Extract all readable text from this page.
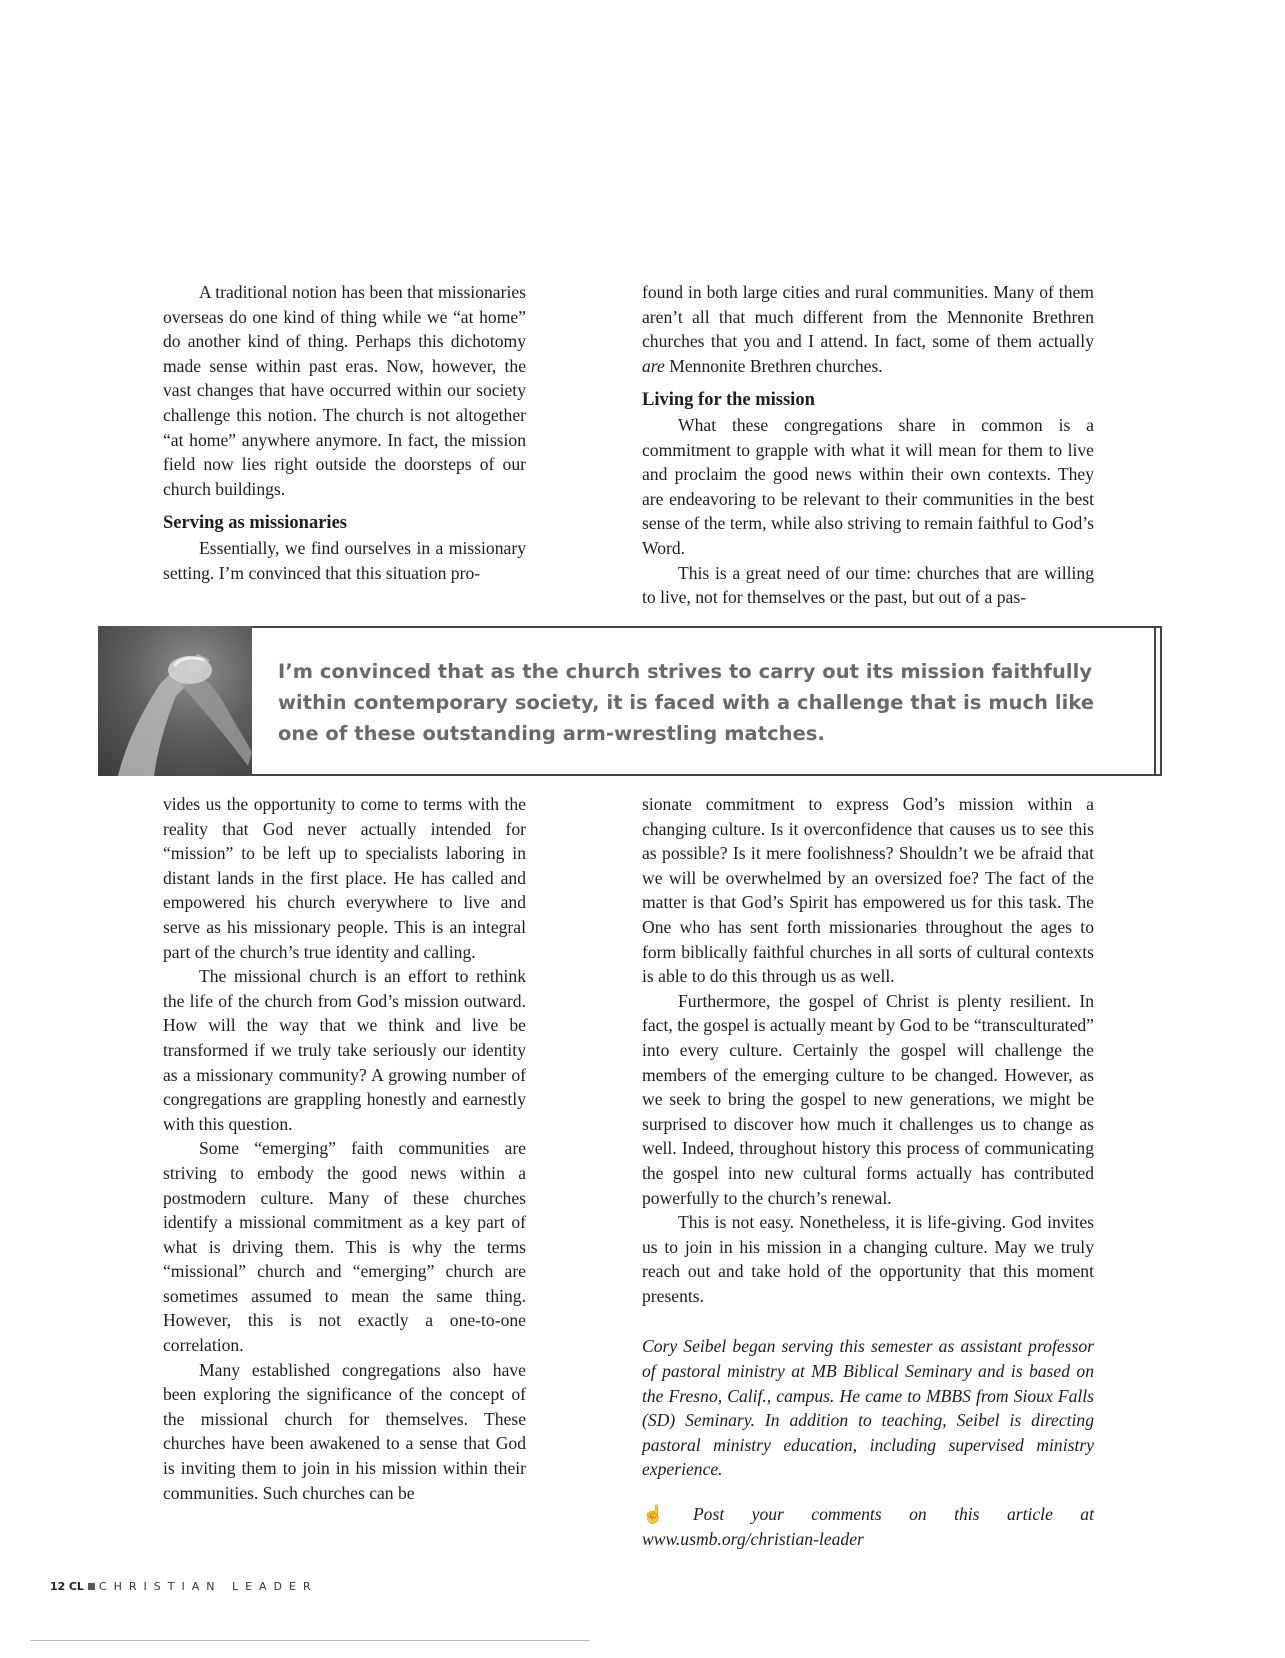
A traditional notion has been that missionaries overseas do one kind of thing while we “at home” do another kind of thing. Perhaps this dichotomy made sense within past eras. Now, however, the vast changes that have occurred within our society challenge this notion. The church is not altogether “at home” anywhere anymore. In fact, the mission field now lies right outside the doorsteps of our church buildings.

Serving as missionaries

Essentially, we find ourselves in a missionary setting. I’m convinced that this situation pro-

found in both large cities and rural communities. Many of them aren’t all that much different from the Mennonite Brethren churches that you and I attend. In fact, some of them actually are Mennonite Brethren churches.

Living for the mission

What these congregations share in common is a commitment to grapple with what it will mean for them to live and proclaim the good news within their own contexts. They are endeavoring to be relevant to their communities in the best sense of the term, while also striving to remain faithful to God’s Word.

This is a great need of our time: churches that are willing to live, not for themselves or the past, but out of a pas-

I’m convinced that as the church strives to carry out its mission faithfully within contemporary society, it is faced with a challenge that is much like one of these outstanding arm-wrestling matches.

vides us the opportunity to come to terms with the reality that God never actually intended for “mission” to be left up to specialists laboring in distant lands in the first place. He has called and empowered his church everywhere to live and serve as his missionary people. This is an integral part of the church’s true identity and calling.

The missional church is an effort to rethink the life of the church from God’s mission outward. How will the way that we think and live be transformed if we truly take seriously our identity as a missionary community? A growing number of congregations are grappling honestly and earnestly with this question.

Some “emerging” faith communities are striving to embody the good news within a postmodern culture. Many of these churches identify a missional commitment as a key part of what is driving them. This is why the terms “missional” church and “emerging” church are sometimes assumed to mean the same thing. However, this is not exactly a one-to-one correlation.

Many established congregations also have been exploring the significance of the concept of the missional church for themselves. These churches have been awakened to a sense that God is inviting them to join in his mission within their communities. Such churches can be

sionate commitment to express God’s mission within a changing culture. Is it overconfidence that causes us to see this as possible? Is it mere foolishness? Shouldn’t we be afraid that we will be overwhelmed by an oversized foe? The fact of the matter is that God’s Spirit has empowered us for this task. The One who has sent forth missionaries throughout the ages to form biblically faithful churches in all sorts of cultural contexts is able to do this through us as well.

Furthermore, the gospel of Christ is plenty resilient. In fact, the gospel is actually meant by God to be “transculturated” into every culture. Certainly the gospel will challenge the members of the emerging culture to be changed. However, as we seek to bring the gospel to new generations, we might be surprised to discover how much it challenges us to change as well. Indeed, throughout history this process of communicating the gospel into new cultural forms actually has contributed powerfully to the church’s renewal.

This is not easy. Nonetheless, it is life-giving. God invites us to join in his mission in a changing culture. May we truly reach out and take hold of the opportunity that this moment presents.

Cory Seibel began serving this semester as assistant professor of pastoral ministry at MB Biblical Seminary and is based on the Fresno, Calif., campus. He came to MBBS from Sioux Falls (SD) Seminary. In addition to teaching, Seibel is directing pastoral ministry education, including supervised ministry experience.

☝ Post your comments on this article at www.usmb.org/christian-leader

12 CL CHRISTIAN LEADER
